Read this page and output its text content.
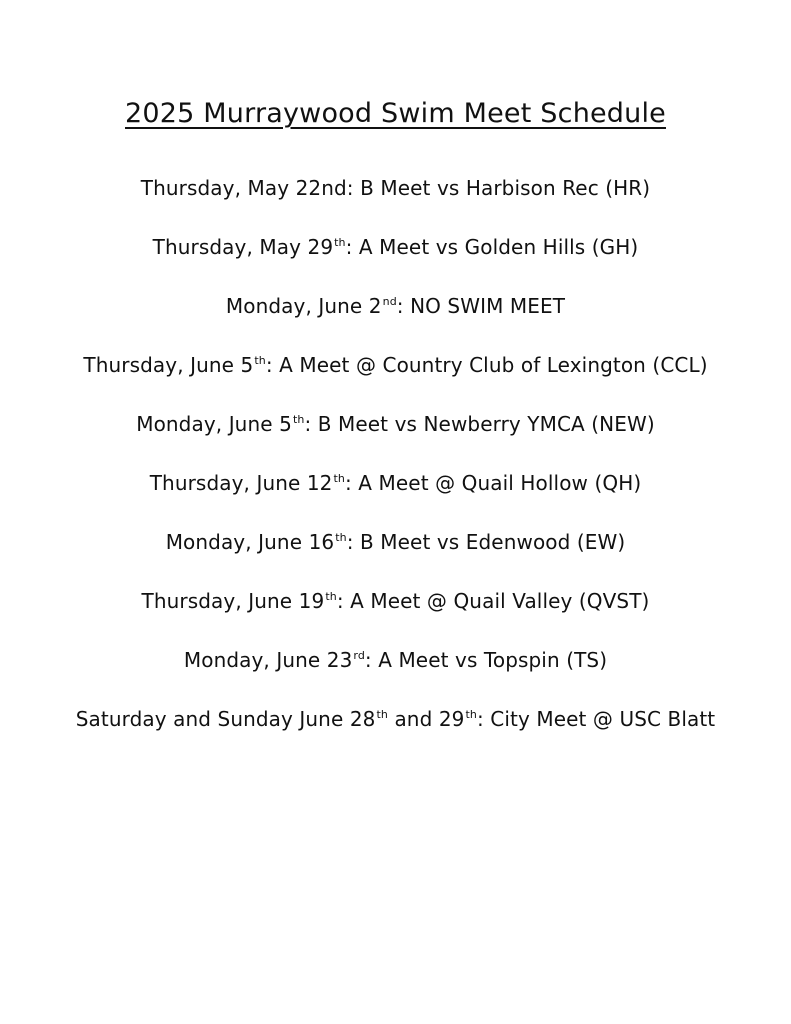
2025 Murraywood Swim Meet Schedule
Thursday, May 22nd: B Meet vs Harbison Rec (HR)
Thursday, May 29th: A Meet vs Golden Hills (GH)
Monday, June 2nd: NO SWIM MEET
Thursday, June 5th: A Meet @ Country Club of Lexington (CCL)
Monday, June 5th: B Meet vs Newberry YMCA (NEW)
Thursday, June 12th: A Meet @ Quail Hollow (QH)
Monday, June 16th: B Meet vs Edenwood (EW)
Thursday, June 19th: A Meet @ Quail Valley (QVST)
Monday, June 23rd: A Meet vs Topspin (TS)
Saturday and Sunday June 28th and 29th: City Meet @ USC Blatt
